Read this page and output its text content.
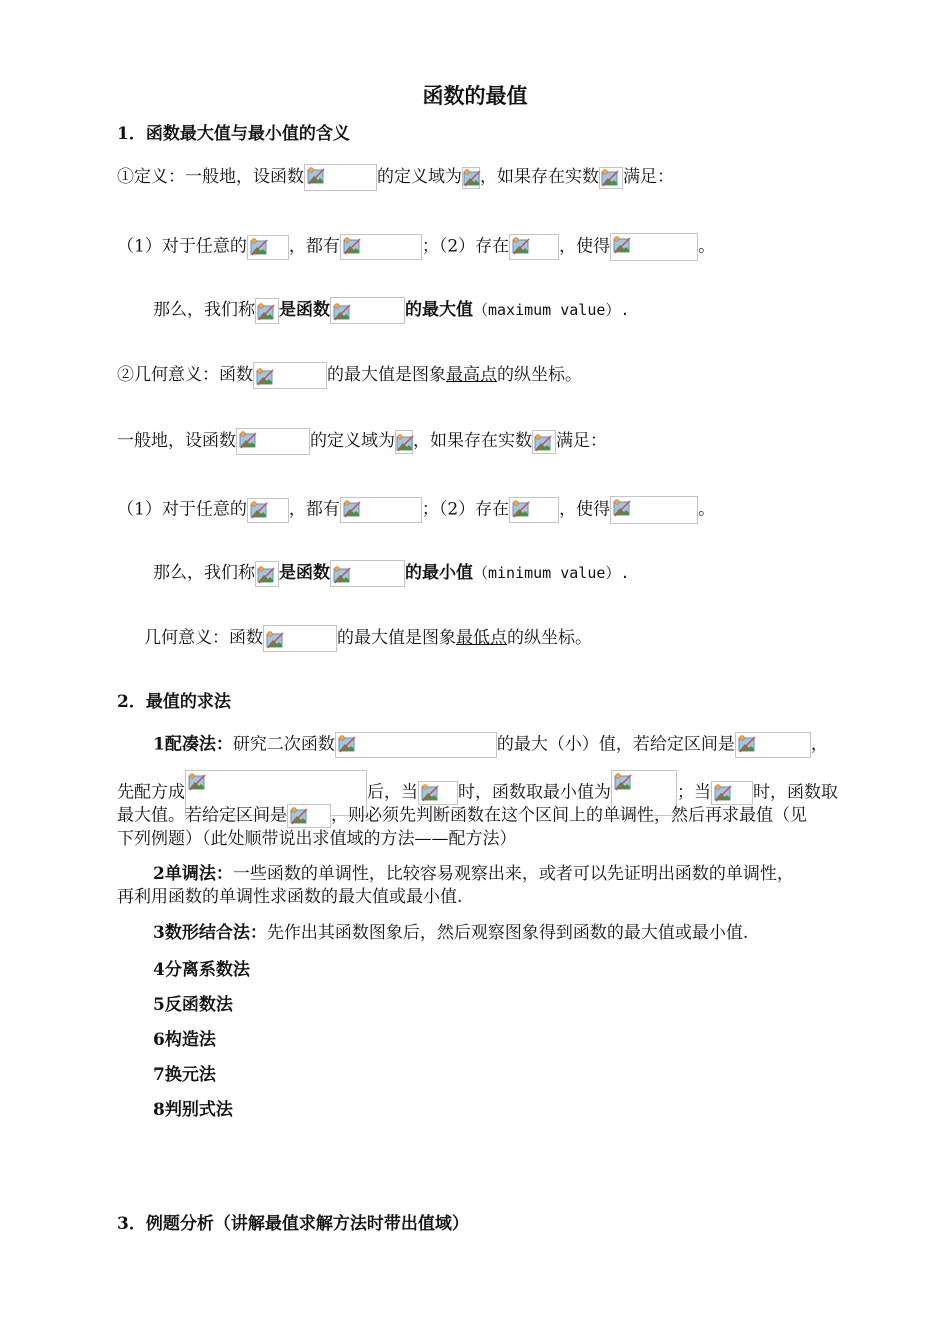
函数的最值
1．函数最大值与最小值的含义
①定义：一般地，设函数	的定义域为 ，如果存在实数 满足：
（1）对于任意的 ，都有	；（2）存在	，使得	。
那么，我们称 是函数	的最大值（maximum value）.
②几何意义：函数	的最大值是图象最高点的纵坐标。
一般地，设函数	的定义域为 ，如果存在实数 满足：
（1）对于任意的 ，都有	；（2）存在	，使得	。
那么，我们称 是函数	的最小值（minimum value）.
几何意义：函数	的最大值是图象最低点的纵坐标。
2．最值的求法
1配凑法：研究二次函数	的最大（小）值，若给定区间是	，
先配方成	后，当 时，函数取最小值为	；当 时，函数取
最大值。若给定区间是	，则必须先判断函数在这个区间上的单调性，然后再求最值（见
下列例题）（此处顺带说出求值域的方法——配方法）
2单调法：一些函数的单调性，比较容易观察出来，或者可以先证明出函数的单调性，
再利用函数的单调性求函数的最大值或最小值.
3数形结合法：先作出其函数图象后，然后观察图象得到函数的最大值或最小值.
4分离系数法
5反函数法
6构造法
7换元法
8判别式法
3．例题分析（讲解最值求解方法时带出值域）
